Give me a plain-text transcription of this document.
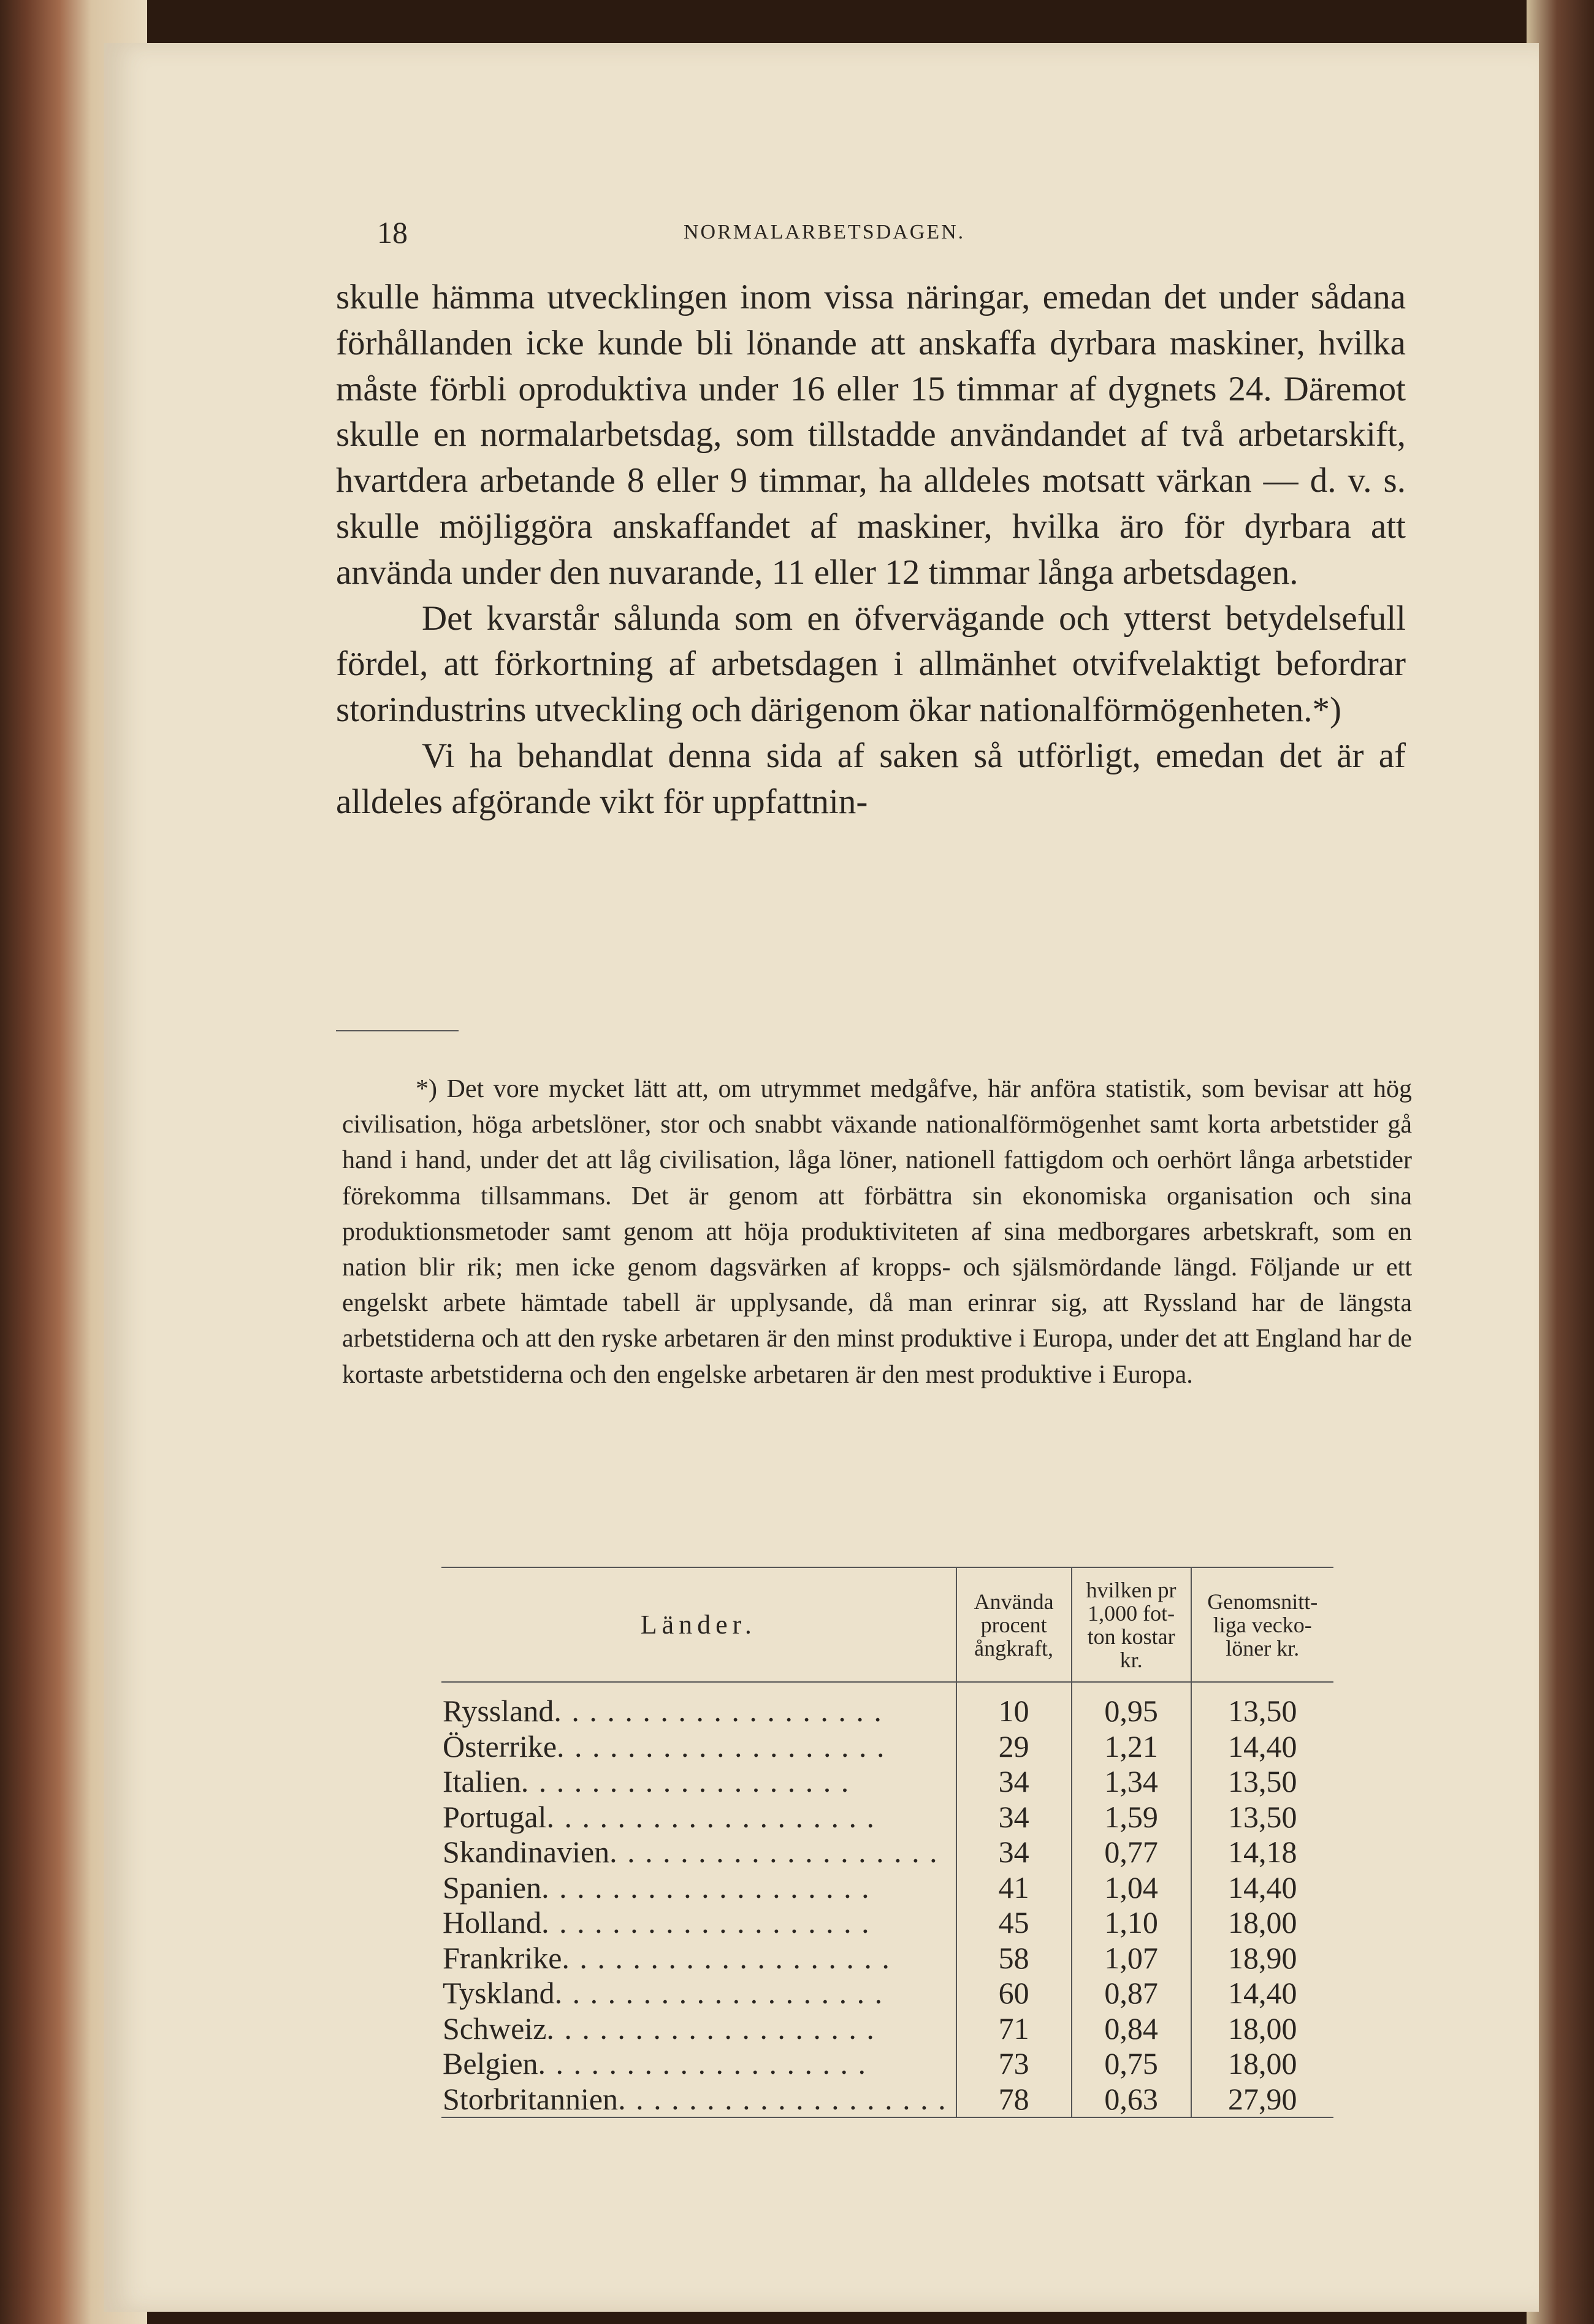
18	NORMALARBETSDAGEN.

skulle hämma utvecklingen inom vissa näringar, emedan det under sådana förhållanden icke kunde bli lönande att anskaffa dyrbara maskiner, hvilka måste förbli oproduktiva under 16 eller 15 timmar af dygnets 24. Däremot skulle en normalarbetsdag, som tillstadde användandet af två arbetarskift, hvartdera arbetande 8 eller 9 timmar, ha alldeles motsatt värkan — d. v. s. skulle möjliggöra anskaffandet af maskiner, hvilka äro för dyrbara att använda under den nuvarande, 11 eller 12 timmar långa arbetsdagen.

Det kvarstår sålunda som en öfvervägande och ytterst betydelsefull fördel, att förkortning af arbetsdagen i allmänhet otvifvelaktigt befordrar storindustrins utveckling och därigenom ökar nationalförmögenheten.*)

Vi ha behandlat denna sida af saken så utförligt, emedan det är af alldeles afgörande vikt för uppfattnin-

*) Det vore mycket lätt att, om utrymmet medgåfve, här anföra statistik, som bevisar att hög civilisation, höga arbetslöner, stor och snabbt växande nationalförmögenhet samt korta arbetstider gå hand i hand, under det att låg civilisation, låga löner, nationell fattigdom och oerhört långa arbetstider förekomma tillsammans. Det är genom att förbättra sin ekonomiska organisation och sina produktionsmetoder samt genom att höja produktiviteten af sina medborgares arbetskraft, som en nation blir rik; men icke genom dagsvärken af kropps- och själsmördande längd. Följande ur ett engelskt arbete hämtade tabell är upplysande, då man erinrar sig, att Ryssland har de längsta arbetstiderna och att den ryske arbetaren är den minst produktive i Europa, under det att England har de kortaste arbetstiderna och den engelske arbetaren är den mest produktive i Europa.

Länder.	Använda procent ångkraft,	hvilken pr 1,000 fot-ton kostar kr.	Genomsnitt-liga vecko-löner kr.
Ryssland. . . . . . . . . . . . . . . . . . .	10	0,95	13,50
Österrike. . . . . . . . . . . . . . . . . . .	29	1,21	14,40
Italien. . . . . . . . . . . . . . . . . . .	34	1,34	13,50
Portugal. . . . . . . . . . . . . . . . . . .	34	1,59	13,50
Skandinavien. . . . . . . . . . . . . . . . . . .	34	0,77	14,18
Spanien. . . . . . . . . . . . . . . . . . .	41	1,04	14,40
Holland. . . . . . . . . . . . . . . . . . .	45	1,10	18,00
Frankrike. . . . . . . . . . . . . . . . . . .	58	1,07	18,90
Tyskland. . . . . . . . . . . . . . . . . . .	60	0,87	14,40
Schweiz. . . . . . . . . . . . . . . . . . .	71	0,84	18,00
Belgien. . . . . . . . . . . . . . . . . . .	73	0,75	18,00
Storbritannien. . . . . . . . . . . . . . . . . . .	78	0,63	27,90
